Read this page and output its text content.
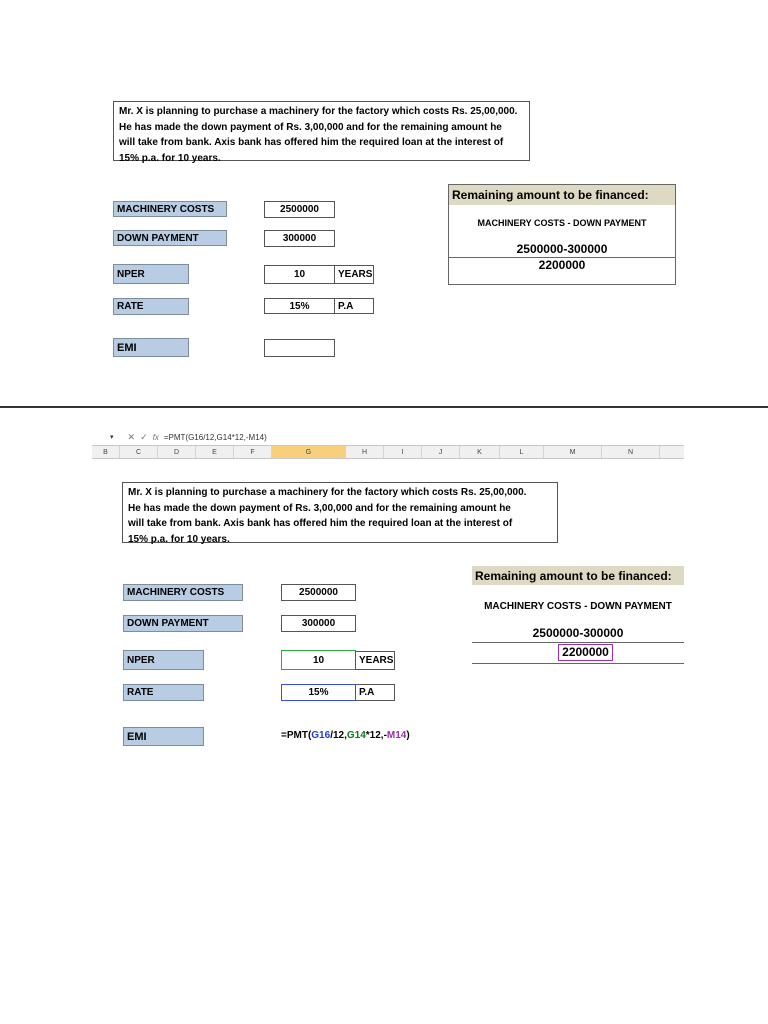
Mr. X is planning to purchase a machinery for the factory which costs Rs. 25,00,000.
He has made the down payment of Rs. 3,00,000 and for the remaining amount he
will take from bank. Axis bank has offered him the required loan at the interest of
15% p.a. for 10 years.
MACHINERY COSTS	2500000
DOWN PAYMENT	300000
NPER	10	YEARS
RATE	15%	P.A
EMI
Remaining amount to be financed:
MACHINERY COSTS - DOWN PAYMENT
2500000-300000
2200000
▾ ✕ ✓ fx =PMT(G16/12,G14*12,-M14)
B	C	D	E	F	G	H	I	J	K	L	M	N
Mr. X is planning to purchase a machinery for the factory which costs Rs. 25,00,000.
He has made the down payment of Rs. 3,00,000 and for the remaining amount he
will take from bank. Axis bank has offered him the required loan at the interest of
15% p.a. for 10 years.
MACHINERY COSTS	2500000
DOWN PAYMENT	300000
NPER	10	YEARS
RATE	15%	P.A
EMI	=PMT(G16/12,G14*12,-M14)
Remaining amount to be financed:
MACHINERY COSTS - DOWN PAYMENT
2500000-300000
2200000
